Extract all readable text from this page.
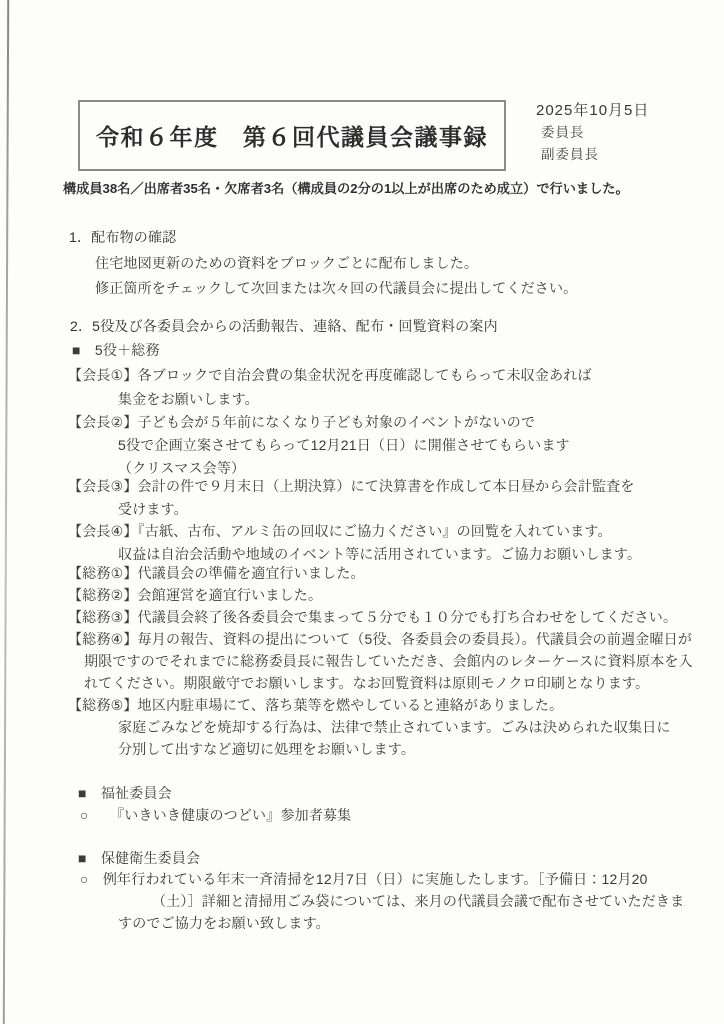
令和６年度　第６回代議員会議事録
2025年10月5日
委員長
副委員長
構成員38名／出席者35名・欠席者3名（構成員の2分の1以上が出席のため成立）で行いました。
1．配布物の確認
住宅地図更新のための資料をブロックごとに配布しました。
修正箇所をチェックして次回または次々回の代議員会に提出してください。
2．5役及び各委員会からの活動報告、連絡、配布・回覧資料の案内
■　5役＋総務
【会長①】各ブロックで自治会費の集金状況を再度確認してもらって未収金あれば
集金をお願いします。
【会長②】子ども会が５年前になくなり子ども対象のイベントがないので
5役で企画立案させてもらって12月21日（日）に開催させてもらいます
（クリスマス会等）
【会長③】会計の件で９月末日（上期決算）にて決算書を作成して本日昼から会計監査を
受けます。
【会長④】『古紙、古布、アルミ缶の回収にご協力ください』の回覧を入れています。
収益は自治会活動や地域のイベント等に活用されています。ご協力お願いします。
【総務①】代議員会の準備を適宜行いました。
【総務②】会館運営を適宜行いました。
【総務③】代議員会終了後各委員会で集まって５分でも１０分でも打ち合わせをしてください。
【総務④】毎月の報告、資料の提出について（5役、各委員会の委員長）。代議員会の前週金曜日が
期限ですのでそれまでに総務委員長に報告していただき、会館内のレターケースに資料原本を入
れてください。期限厳守でお願いします。なお回覧資料は原則モノクロ印刷となります。
【総務⑤】地区内駐車場にて、落ち葉等を燃やしていると連絡がありました。
家庭ごみなどを焼却する行為は、法律で禁止されています。ごみは決められた収集日に
分別して出すなど適切に処理をお願いします。
■　福祉委員会
○　　『いきいき健康のつどい』参加者募集
■　保健衛生委員会
○　例年行われている年末一斉清掃を12月7日（日）に実施したします。［予備日：12月20
（土）］詳細と清掃用ごみ袋については、来月の代議員会議で配布させていただきま
すのでご協力をお願い致します。
